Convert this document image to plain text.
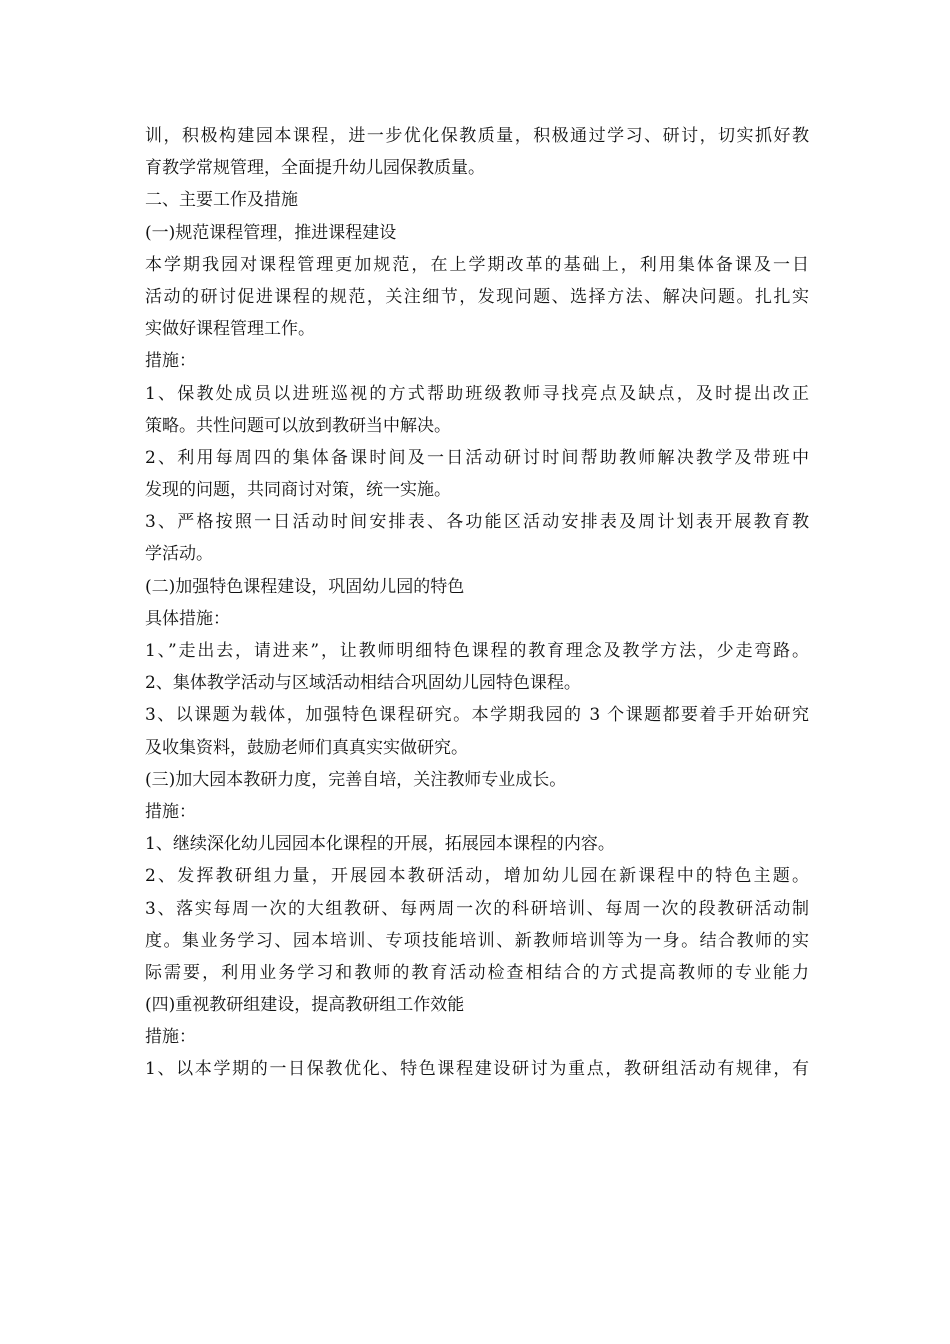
训，积极构建园本课程，进一步优化保教质量，积极通过学习、研讨，切实抓好教
育教学常规管理，全面提升幼儿园保教质量。
二、主要工作及措施
(一)规范课程管理，推进课程建设
本学期我园对课程管理更加规范，在上学期改革的基础上，利用集体备课及一日
活动的研讨促进课程的规范，关注细节，发现问题、选择方法、解决问题。扎扎实
实做好课程管理工作。
措施：
1、保教处成员以进班巡视的方式帮助班级教师寻找亮点及缺点，及时提出改正
策略。共性问题可以放到教研当中解决。
2、利用每周四的集体备课时间及一日活动研讨时间帮助教师解决教学及带班中
发现的问题，共同商讨对策，统一实施。
3、严格按照一日活动时间安排表、各功能区活动安排表及周计划表开展教育教
学活动。
(二)加强特色课程建设，巩固幼儿园的特色
具体措施：
1、”走出去，请进来”，让教师明细特色课程的教育理念及教学方法，少走弯路。
2、集体教学活动与区域活动相结合巩固幼儿园特色课程。
3、以课题为载体，加强特色课程研究。本学期我园的 3 个课题都要着手开始研究
及收集资料，鼓励老师们真真实实做研究。
(三)加大园本教研力度，完善自培，关注教师专业成长。
措施：
1、继续深化幼儿园园本化课程的开展，拓展园本课程的内容。
2、发挥教研组力量，开展园本教研活动，增加幼儿园在新课程中的特色主题。
3、落实每周一次的大组教研、每两周一次的科研培训、每周一次的段教研活动制
度。集业务学习、园本培训、专项技能培训、新教师培训等为一身。结合教师的实
际需要，利用业务学习和教师的教育活动检查相结合的方式提高教师的专业能力
(四)重视教研组建设，提高教研组工作效能
措施：
1、以本学期的一日保教优化、特色课程建设研讨为重点，教研组活动有规律，有
